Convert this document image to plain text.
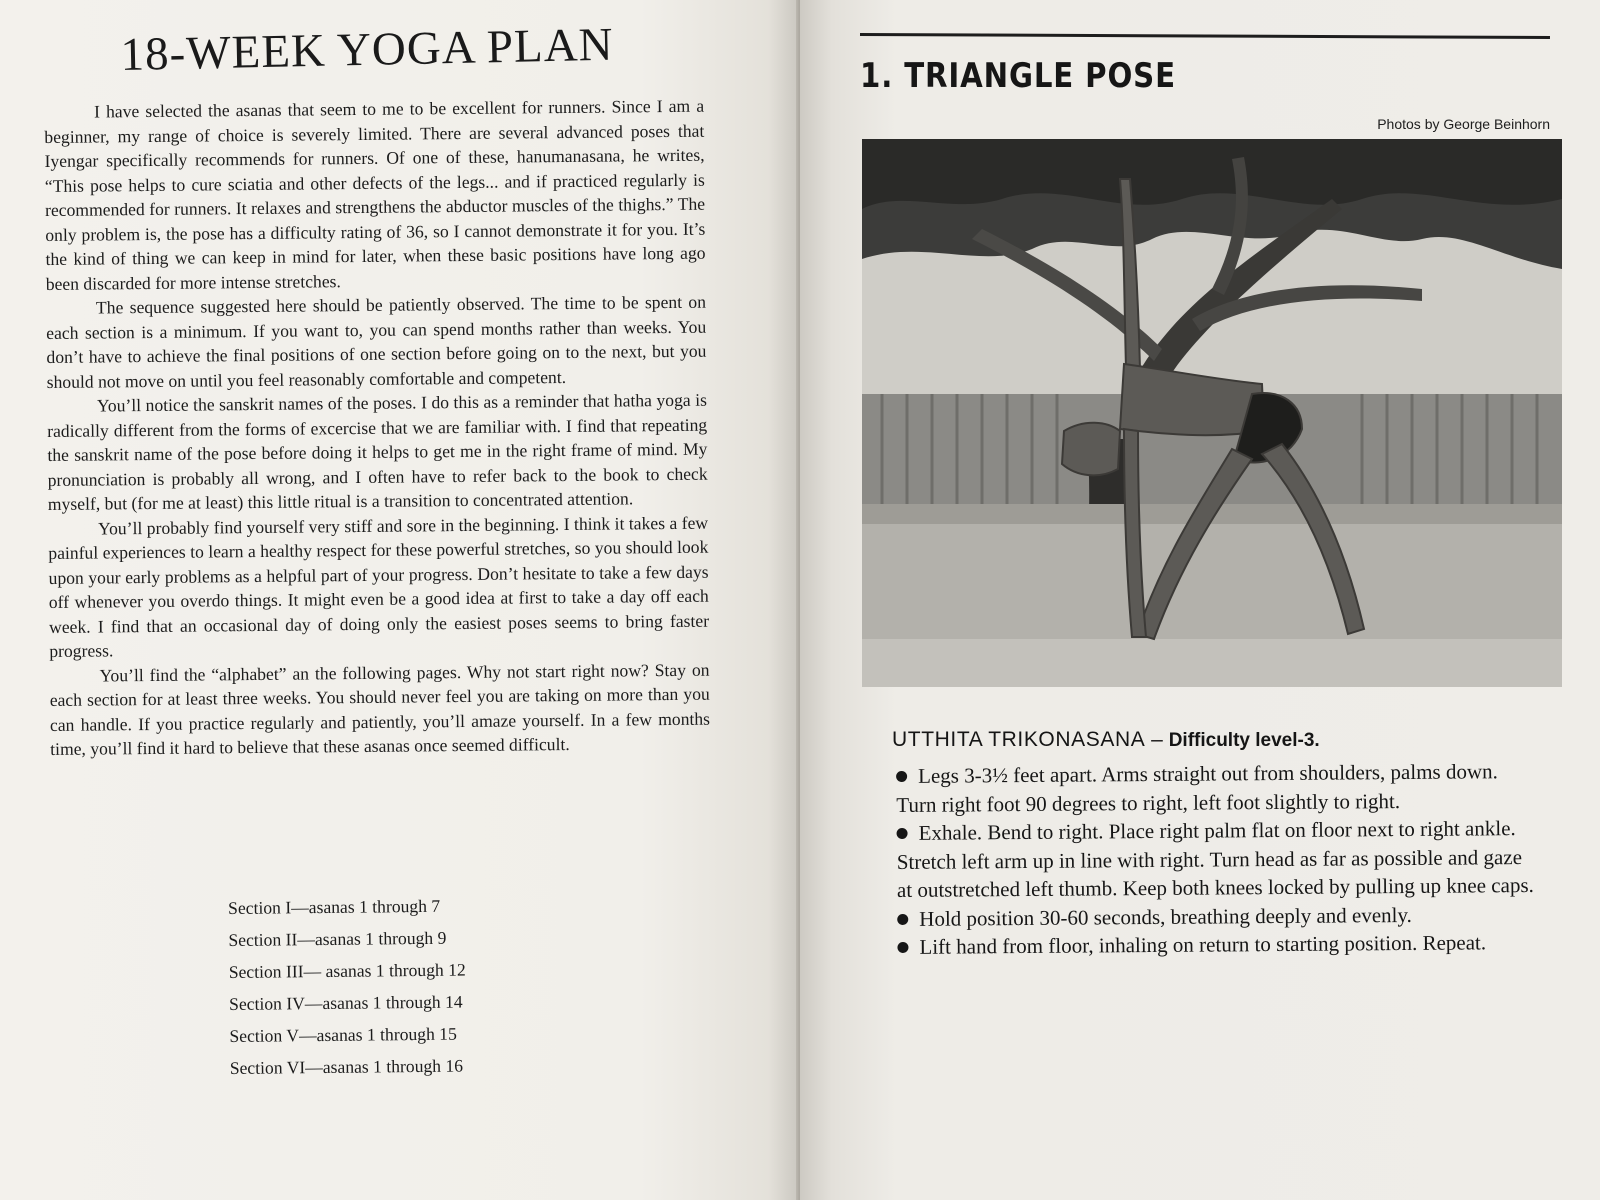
18-WEEK YOGA PLAN

I have selected the asanas that seem to me to be excellent for runners. Since I am a beginner, my range of choice is severely limited. There are several advanced poses that Iyengar specifically recommends for runners. Of one of these, hanumanasana, he writes, “This pose helps to cure sciatia and other defects of the legs... and if practiced regularly is recommended for runners. It relaxes and strengthens the abductor muscles of the thighs.” The only problem is, the pose has a difficulty rating of 36, so I cannot demonstrate it for you. It’s the kind of thing we can keep in mind for later, when these basic positions have long ago been discarded for more intense stretches.

The sequence suggested here should be patiently observed. The time to be spent on each section is a minimum. If you want to, you can spend months rather than weeks. You don’t have to achieve the final positions of one section before going on to the next, but you should not move on until you feel reasonably comfortable and competent.

You’ll notice the sanskrit names of the poses. I do this as a reminder that hatha yoga is radically different from the forms of excercise that we are familiar with. I find that repeating the sanskrit name of the pose before doing it helps to get me in the right frame of mind. My pronunciation is probably all wrong, and I often have to refer back to the book to check myself, but (for me at least) this little ritual is a transition to concentrated attention.

You’ll probably find yourself very stiff and sore in the beginning. I think it takes a few painful experiences to learn a healthy respect for these powerful stretches, so you should look upon your early problems as a helpful part of your progress. Don’t hesitate to take a few days off whenever you overdo things. It might even be a good idea at first to take a day off each week. I find that an occasional day of doing only the easiest poses seems to bring faster progress.

You’ll find the “alphabet” an the following pages. Why not start right now? Stay on each section for at least three weeks. You should never feel you are taking on more than you can handle. If you practice regularly and patiently, you’ll amaze yourself. In a few months time, you’ll find it hard to believe that these asanas once seemed difficult.

Section I—asanas 1 through 7
Section II—asanas 1 through 9
Section III— asanas 1 through 12
Section IV—asanas 1 through 14
Section V—asanas 1 through 15
Section VI—asanas 1 through 16
1. TRIANGLE POSE
Photos by George Beinhorn
UTTHITA TRIKONASANA – Difficulty level-3.
Legs 3-3½ feet apart. Arms straight out from shoulders, palms down. Turn right foot 90 degrees to right, left foot slightly to right.
Exhale. Bend to right. Place right palm flat on floor next to right ankle. Stretch left arm up in line with right. Turn head as far as possible and gaze at outstretched left thumb. Keep both knees locked by pulling up knee caps.
Hold position 30-60 seconds, breathing deeply and evenly.
Lift hand from floor, inhaling on return to starting position. Repeat.
